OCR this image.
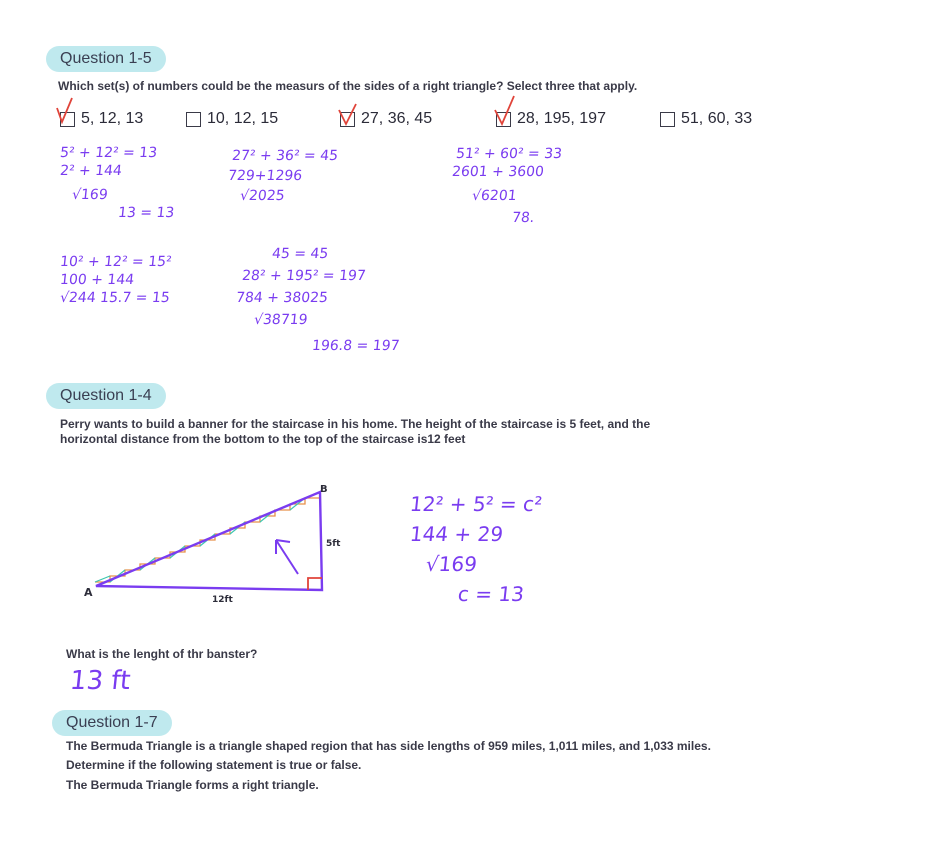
Question 1-5
Which set(s) of numbers could be the measurs of the sides of a right triangle? Select three that apply.
5, 12, 13	10, 12, 15	27, 36, 45	28, 195, 197	51, 60, 33
5² + 12² = 13
2² + 144
√169
13 = 13
27² + 36² = 45
729+1296
√2025
51² + 60² = 33
2601 + 3600
√6201
78.
10² + 12² = 15²
100 + 144
√244 15.7 = 15
45 = 45
28² + 195² = 197
784 + 38025
√38719
196.8 = 197
Question 1-4
Perry wants to build a banner for the staircase in his home. The height of the staircase is 5 feet, and the
horizontal distance from the bottom to the top of the staircase is12 feet
A
B
5ft
12ft
12² + 5² = c²
144 + 29
√169
c = 13
What is the lenght of thr banster?
13 ft
Question 1-7
The Bermuda Triangle is a triangle shaped region that has side lengths of 959 miles, 1,011 miles, and 1,033 miles.
Determine if the following statement is true or false.
The Bermuda Triangle forms a right triangle.
